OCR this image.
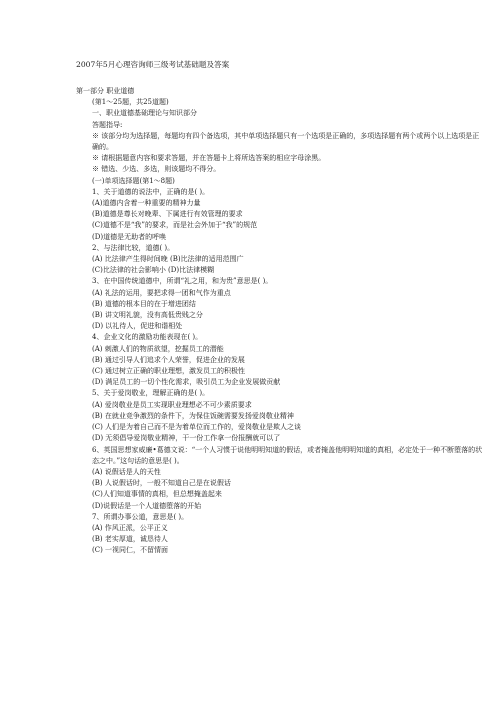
2007年5月心理咨询师三级考试基础题及答案
第一部分 职业道德
(第1～25题，共25道题)
一、职业道德基础理论与知识部分
答题指导:
※ 该部分均为选择题，每题均有四个备选项，其中单项选择题只有一个选项是正确的，多项选择题有两个或两个以上选项是正确的。
※ 请根据题意内容和要求答题，并在答题卡上将所选答案的相应字母涂黑。
※ 错选、少选、多选，则该题均不得分。
(一)单项选择题(第1～8题)
1、关于道德的说法中，正确的是( )。
(A)道德内含着一种重要的精神力量
(B)道德是尊长对晚辈、下属进行有效管理的要求
(C)道德不是“我”的要求，而是社会外加于“我”的规范
(D)道德是无助者的呼唤
2、与法律比较，道德( )。
(A) 比法律产生得时间晚 (B)比法律的适用范围广
(C)比法律的社会影响小 (D)比法律模糊
3、在中国传统道德中，所谓“礼之用，和为贵”意思是( )。
(A) 礼法的运用，要把求得一团和气作为重点
(B) 道德的根本目的在于增进团结
(B) 讲文明礼貌，没有高低贵贱之分
(D) 以礼待人，促进和谐相处
4、企业文化的激励功能表现在( )。
(A) 刺激人们的物质欲望，挖掘员工的潜能
(B) 通过引导人们追求个人荣誉，促进企业的发展
(C) 通过树立正确的职业理想，激发员工的积极性
(D) 满足员工的一切个性化需求，吸引员工为企业发展做贡献
5、关于爱岗敬业，理解正确的是( )。
(A) 爱岗敬业是员工实现职业理想必不可少素质要求
(B) 在就业竞争激烈的条件下，为保住饭碗需要发扬爱岗敬业精神
(C) 人们是为着自己而不是为着单位而工作的，爱岗敬业是欺人之谈
(D) 无须倡导爱岗敬业精神，干一份工作拿一份报酬就可以了
6、英国思想家威廉•葛德文说：“一个人习惯于说他明明知道的假话，或者掩盖他明明知道的真相，必定处于一种不断堕落的状态之中。”这句话的意思是( )。
(A) 说假话是人的天性
(B) 人说假话时，一般不知道自己是在说假话
(C)人们知道事情的真相，但总想掩盖起来
(D)说假话是一个人道德堕落的开始
7、所谓办事公道，意思是( )。
(A) 作风正派，公平正义
(B) 老实厚道，诚恳待人
(C) 一视同仁，不留情面
